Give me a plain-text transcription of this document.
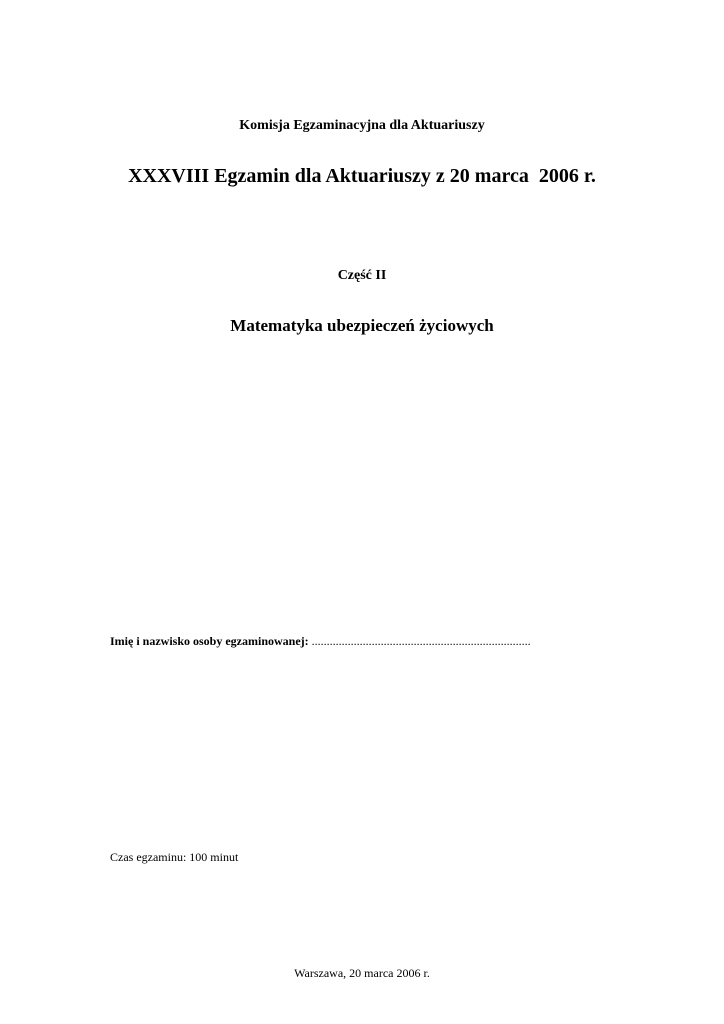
Komisja Egzaminacyjna dla Aktuariuszy
XXXVIII Egzamin dla Aktuariuszy z 20 marca  2006 r.
Część II
Matematyka ubezpieczeń życiowych
Imię i nazwisko osoby egzaminowanej: .........................................................................
Czas egzaminu: 100 minut
Warszawa, 20 marca 2006 r.
